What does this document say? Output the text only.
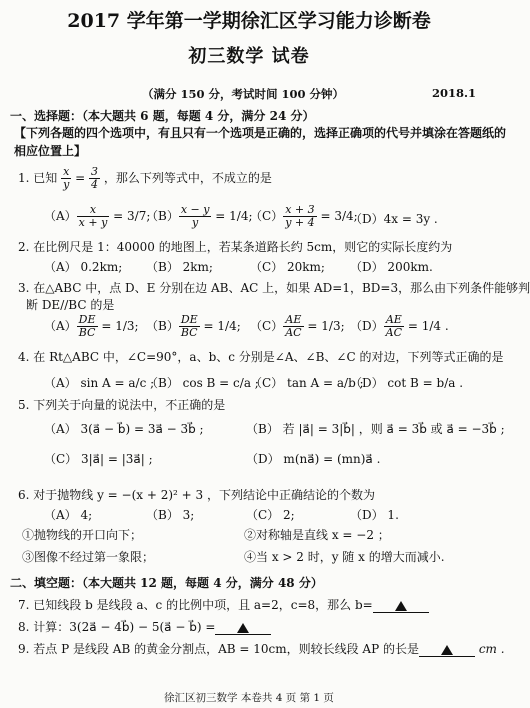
2017 学年第一学期徐汇区学习能力诊断卷
初三数学 试卷
（满分 150 分，考试时间 100 分钟）	2018.1
一、选择题：（本大题共 6 题，每题 4 分，满分 24 分）
【下列各题的四个选项中，有且只有一个选项是正确的，选择正确项的代号并填涂在答题纸的
相应位置上】
1. 已知 $\frac{x}{y} = \frac{3}{4}$ ，那么下列等式中，不成立的是
$(A) \frac{x}{x + y} = 3/7$;
$(B) \frac{x - y}{y} = 1/4$;
$(C) \frac{x + 3}{y + 4} = 3/4$;
（D）4x = 3y .
2. 在比例尺是 1：40000 的地图上，若某条道路长约 5cm，则它的实际长度约为
（A） 0.2km; （B） 2km;	（C） 20km; （D） 200km.
3. 在△ABC 中，点 D、E 分别在边 AB、AC 上，如果 AD=1，BD=3，那么由下列条件能够判
断 DE//BC 的是
$(A) \frac{DE}{BC} = 1/3$; $(B) \frac{DE}{BC} = 1/4$; $(C) \frac{AE}{AC} = 1/3$; $(D) \frac{AE}{AC} = 1/4$ .
4. 在 Rt△ABC 中，∠C=90°，a、b、c 分别是∠A、∠B、∠C 的对边，下列等式正确的是
（A） sin A = a/c ;
（B） cos B = c/a ;
（C） tan A = a/b ;
（D） cot B = b/a .
5. 下列关于向量的说法中，不正确的是
（A） 3(a⃗ − b⃗) = 3a⃗ − 3b⃗ ;	（B） 若 |a⃗| = 3|b⃗| ，则 a⃗ = 3b⃗ 或 a⃗ = −3b⃗ ;
（C） 3|a⃗| = |3a⃗| ;	（D） m(na⃗) = (mn)a⃗ .
6. 对于抛物线 y = −(x + 2)² + 3 ，下列结论中正确结论的个数为
（A） 4;	（B） 3;	（C） 2;	（D） 1.
①抛物线的开口向下；	②对称轴是直线 x = −2 ；
③图像不经过第一象限；	④当 x > 2 时，y 随 x 的增大而减小.
二、填空题：（本大题共 12 题，每题 4 分，满分 48 分）
7. 已知线段 b 是线段 a、c 的比例中项，且 a=2，c=8，那么 b=
8. 计算：3(2a⃗ − 4b⃗) − 5(a⃗ − b⃗) =
9. 若点 P 是线段 AB 的黄金分割点，AB = 10cm，则较长线段 AP 的长是	cm .
徐汇区初三数学 本卷共 4 页 第 1 页
